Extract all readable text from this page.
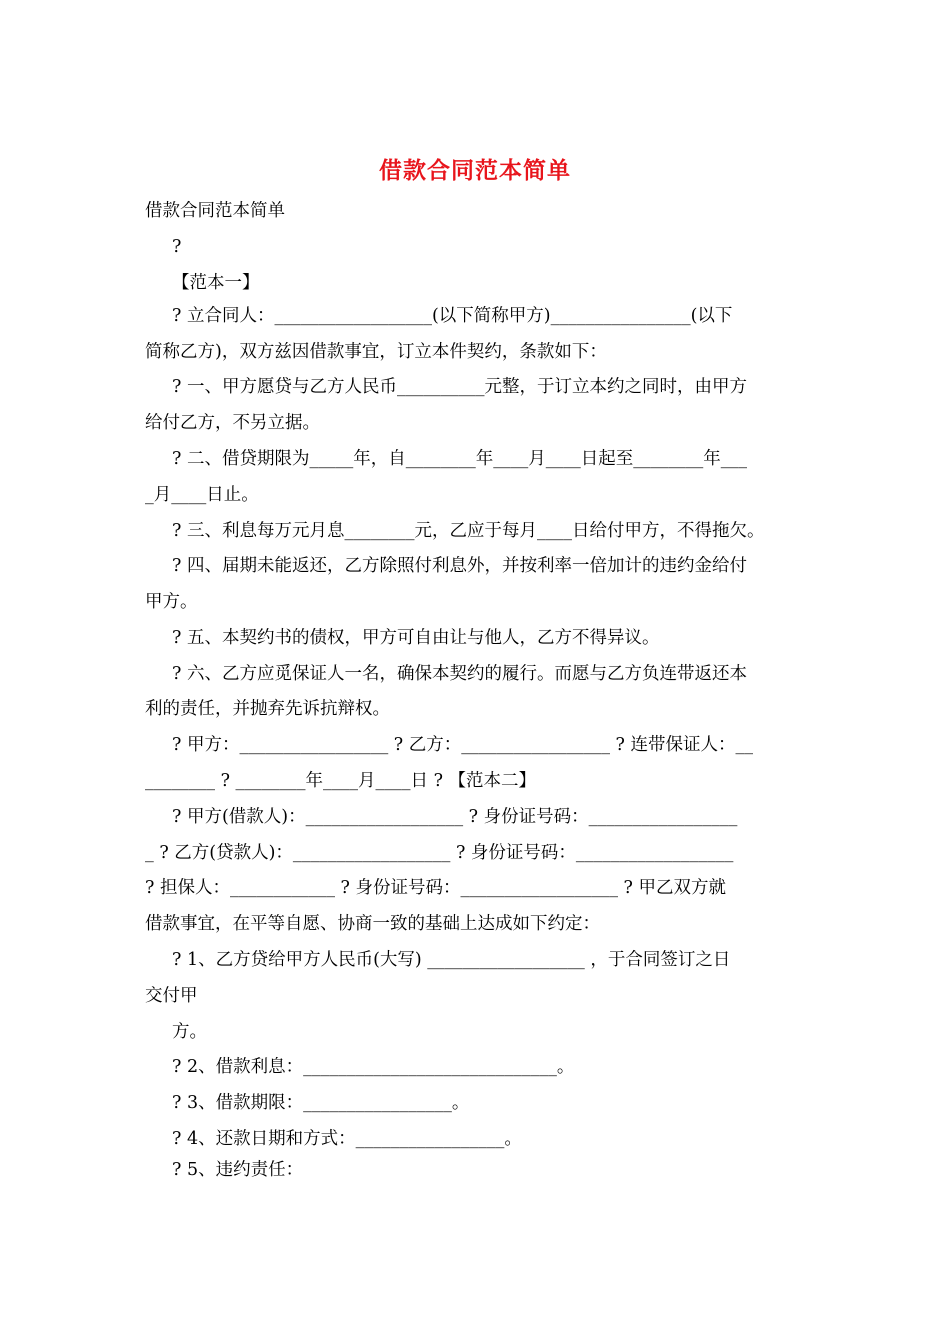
借款合同范本简单
借款合同范本简单
?
【范本一】
? 立合同人：__________________(以下简称甲方)________________(以下
简称乙方)，双方兹因借款事宜，订立本件契约，条款如下：
? 一、甲方愿贷与乙方人民币__________元整，于订立本约之同时，由甲方
给付乙方，不另立据。
? 二、借贷期限为_____年，自________年____月____日起至________年___
_月____日止。
? 三、利息每万元月息________元，乙应于每月____日给付甲方，不得拖欠。
? 四、届期未能返还，乙方除照付利息外，并按利率一倍加计的违约金给付
甲方。
? 五、本契约书的债权，甲方可自由让与他人，乙方不得异议。
? 六、乙方应觅保证人一名，确保本契约的履行。而愿与乙方负连带返还本
利的责任，并抛弃先诉抗辩权。
? 甲方：_________________ ? 乙方：_________________ ? 连带保证人：__
________ ? ________年____月____日 ? 【范本二】
? 甲方(借款人)：__________________ ? 身份证号码：_________________
_ ? 乙方(贷款人)：__________________ ? 身份证号码：__________________
? 担保人：____________ ? 身份证号码：__________________ ? 甲乙双方就
借款事宜，在平等自愿、协商一致的基础上达成如下约定：
? 1、乙方贷给甲方人民币(大写) __________________ ，于合同签订之日
交付甲
方。
? 2、借款利息：_____________________________。
? 3、借款期限：_________________。
? 4、还款日期和方式：_________________。
? 5、违约责任：
